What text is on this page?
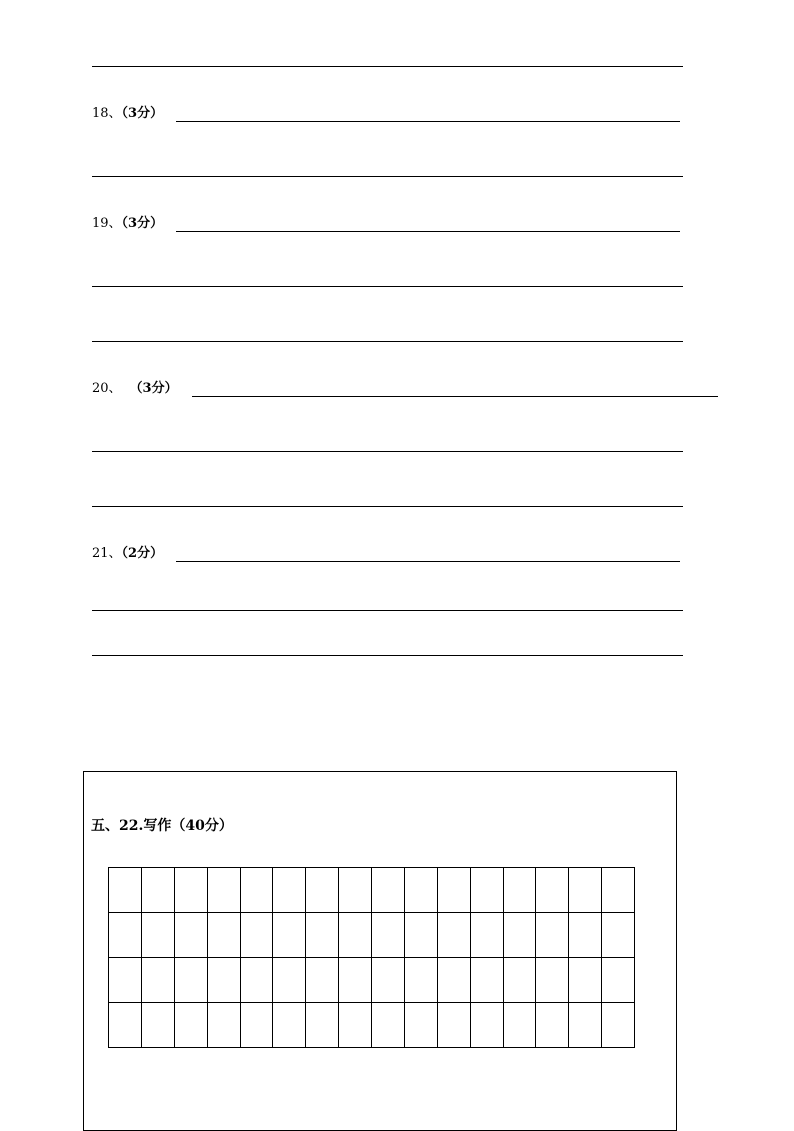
18、（3分）
19、（3分）
20、 （3分）
21、（2分）
五、22.写作（40分）
